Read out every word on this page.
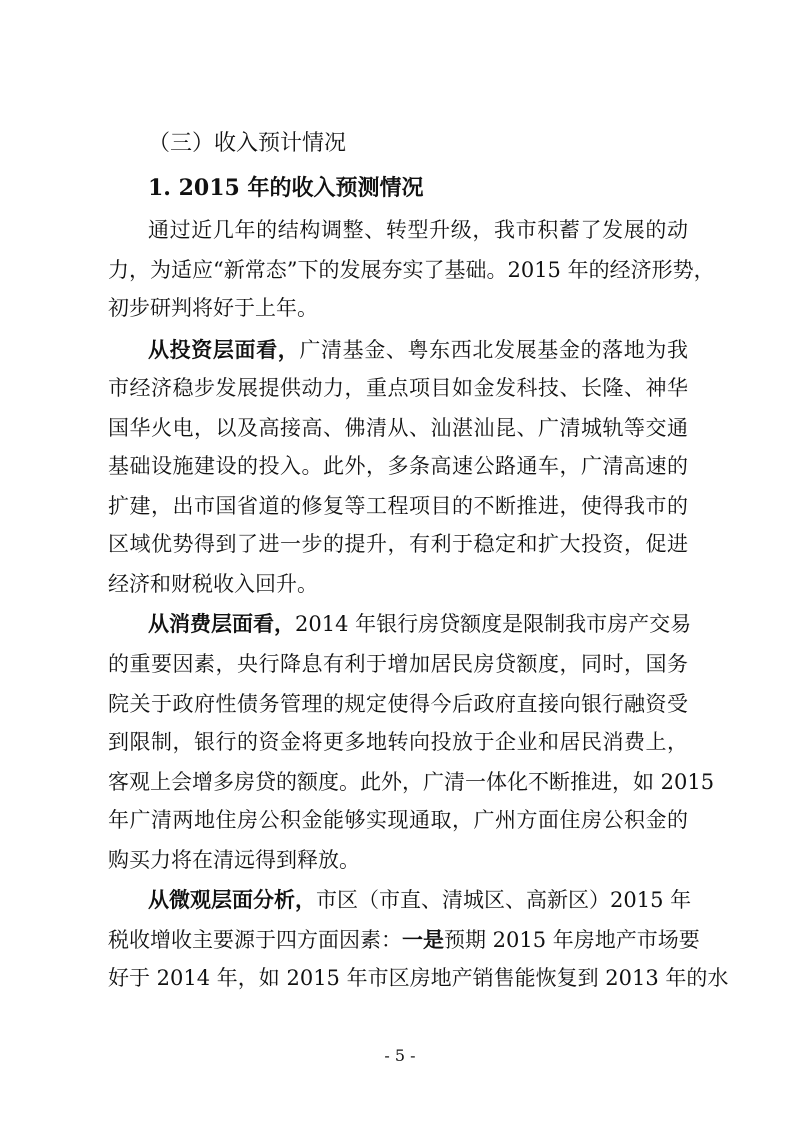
（三）收入预计情况
1. 2015 年的收入预测情况
通过近几年的结构调整、转型升级，我市积蓄了发展的动
力，为适应“新常态”下的发展夯实了基础。2015 年的经济形势，
初步研判将好于上年。
从投资层面看，广清基金、粤东西北发展基金的落地为我
市经济稳步发展提供动力，重点项目如金发科技、长隆、神华
国华火电，以及高接高、佛清从、汕湛汕昆、广清城轨等交通
基础设施建设的投入。此外，多条高速公路通车，广清高速的
扩建，出市国省道的修复等工程项目的不断推进，使得我市的
区域优势得到了进一步的提升，有利于稳定和扩大投资，促进
经济和财税收入回升。
从消费层面看，2014 年银行房贷额度是限制我市房产交易
的重要因素，央行降息有利于增加居民房贷额度，同时，国务
院关于政府性债务管理的规定使得今后政府直接向银行融资受
到限制，银行的资金将更多地转向投放于企业和居民消费上，
客观上会增多房贷的额度。此外，广清一体化不断推进，如 2015
年广清两地住房公积金能够实现通取，广州方面住房公积金的
购买力将在清远得到释放。
从微观层面分析，市区（市直、清城区、高新区）2015 年
税收增收主要源于四方面因素：一是预期 2015 年房地产市场要
好于 2014 年，如 2015 年市区房地产销售能恢复到 2013 年的水
- 5 -
